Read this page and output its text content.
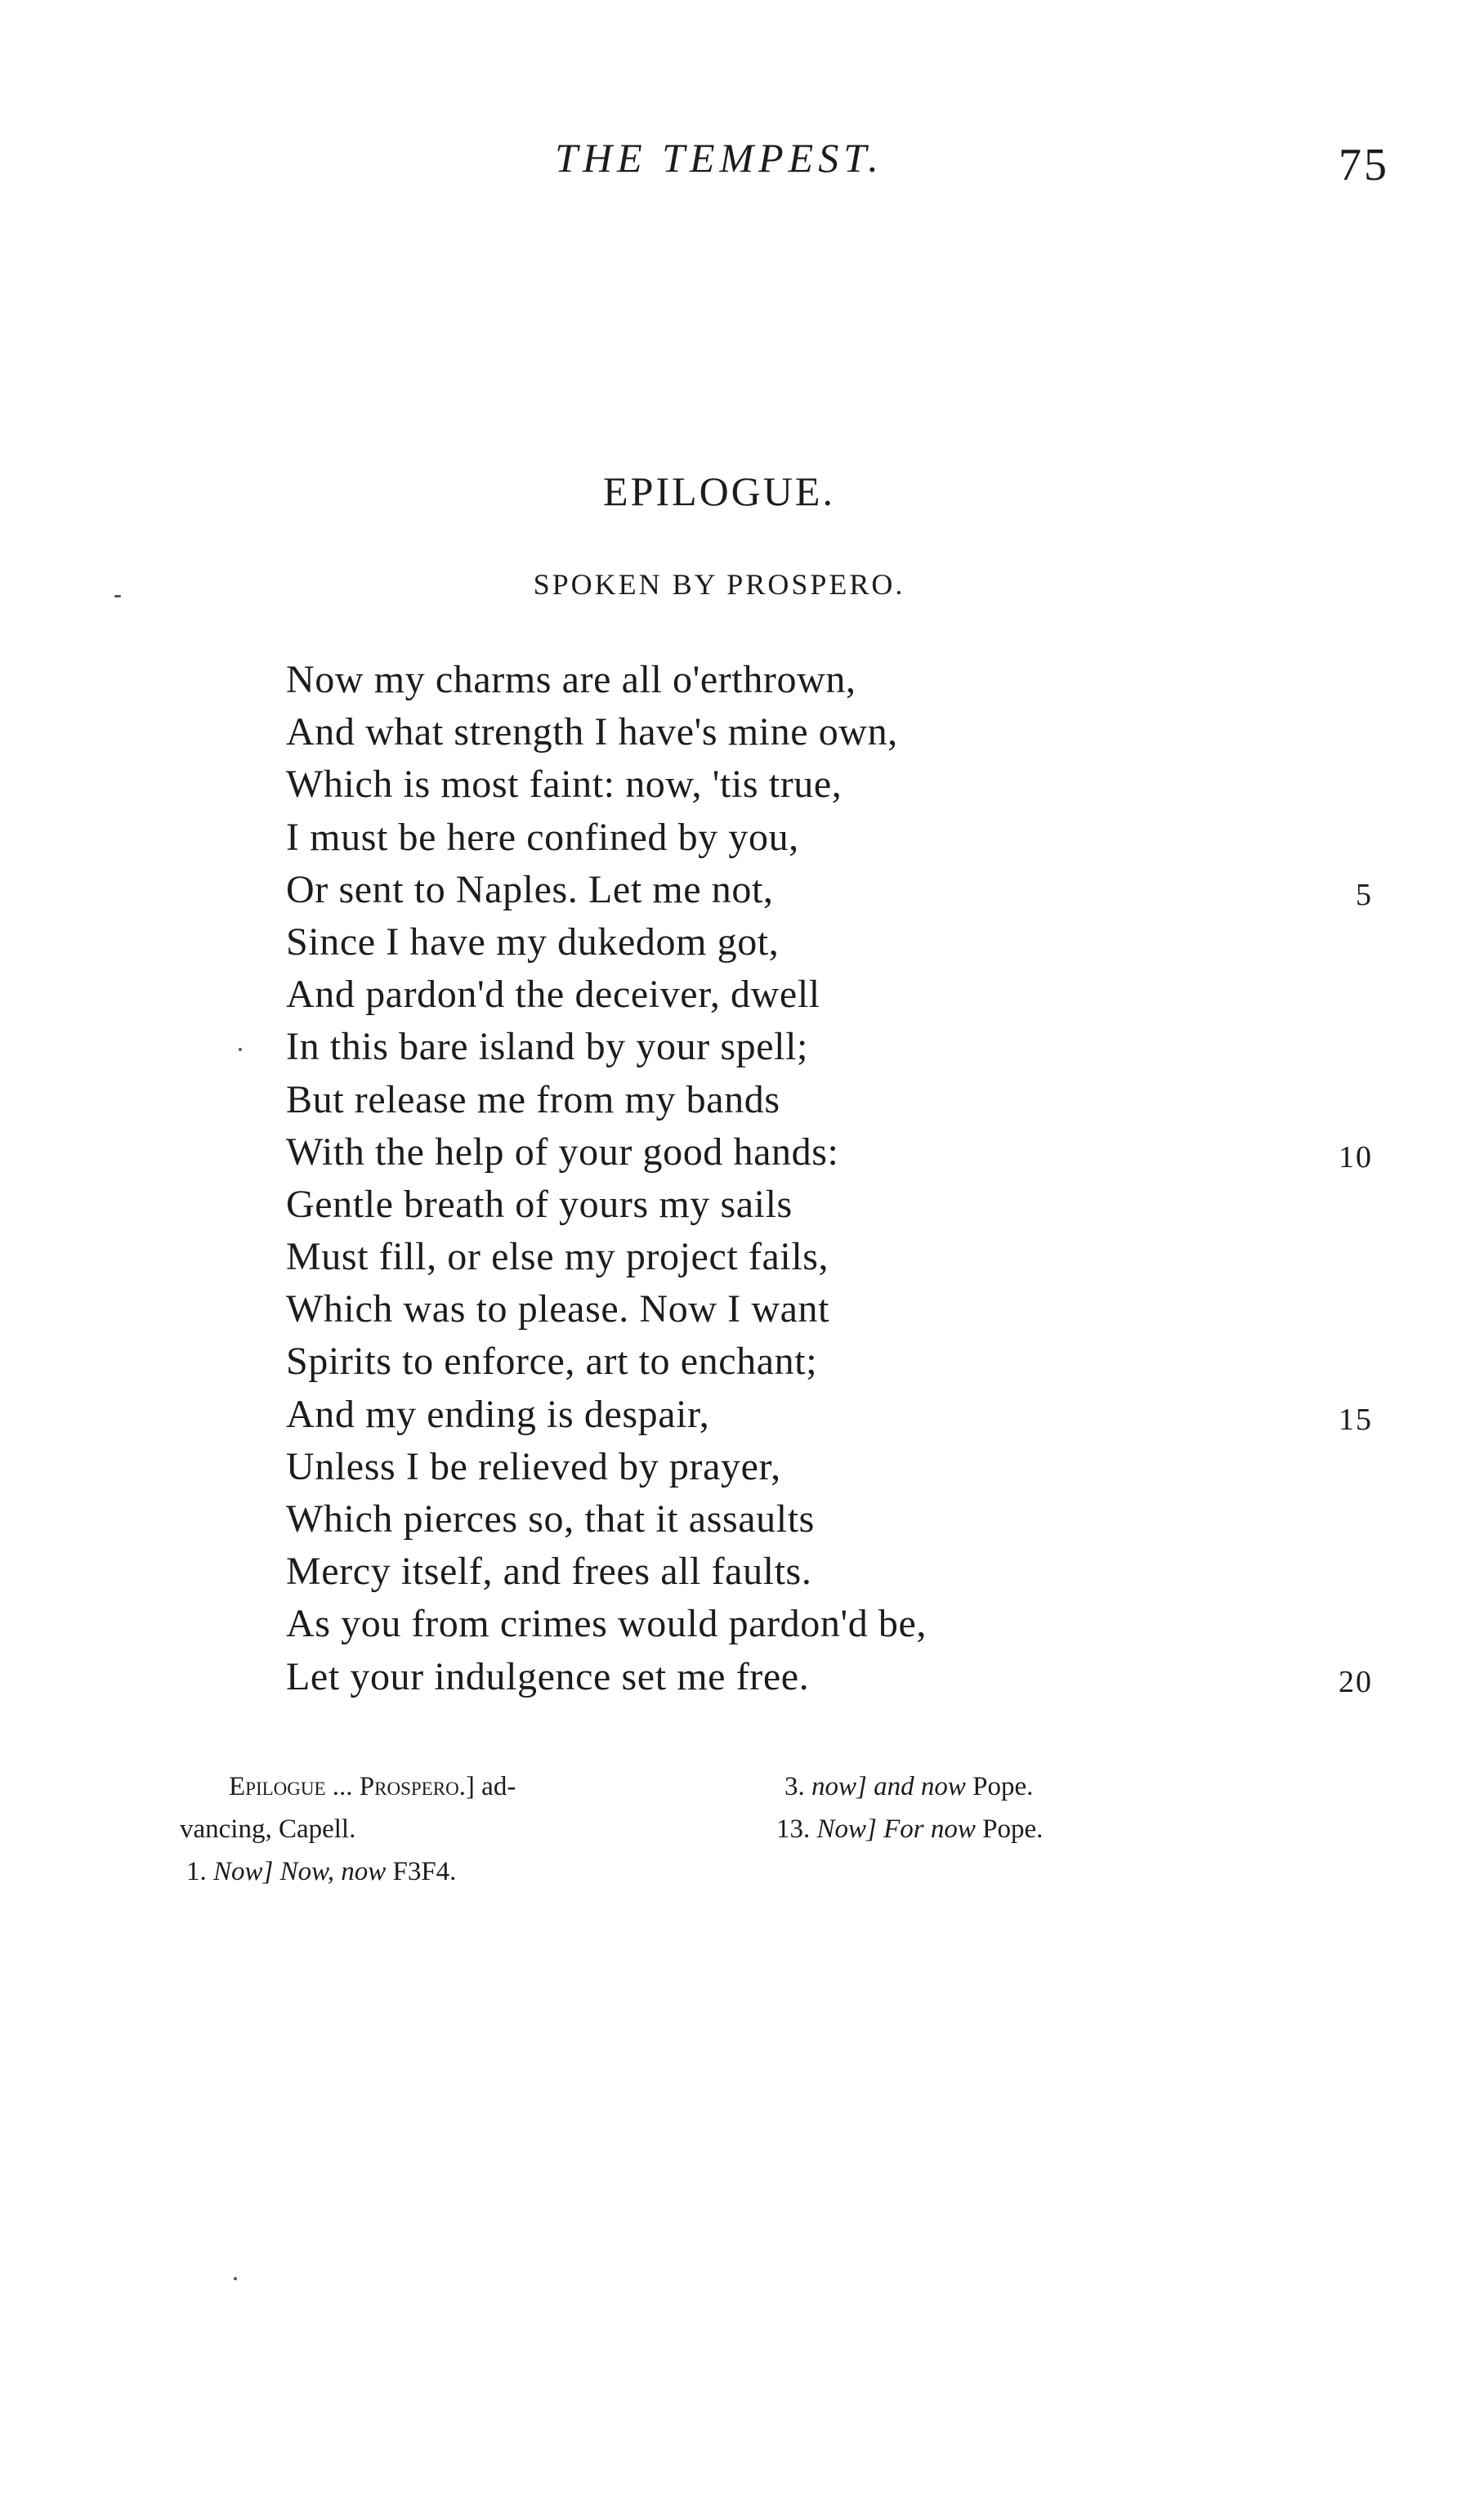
THE TEMPEST.	75
EPILOGUE.
SPOKEN BY PROSPERO.
Now my charms are all o'erthrown,
And what strength I have's mine own,
Which is most faint: now, 'tis true,
I must be here confined by you,
Or sent to Naples. Let me not,	5
Since I have my dukedom got,
And pardon'd the deceiver, dwell
In this bare island by your spell;
But release me from my bands
With the help of your good hands:	10
Gentle breath of yours my sails
Must fill, or else my project fails,
Which was to please. Now I want
Spirits to enforce, art to enchant;
And my ending is despair,	15
Unless I be relieved by prayer,
Which pierces so, that it assaults
Mercy itself, and frees all faults.
As you from crimes would pardon'd be,
Let your indulgence set me free.	20
Epilogue ... Prospero.] ad-
vancing, Capell.
1. Now] Now, now F3F4.
3. now] and now Pope.
13. Now] For now Pope.
